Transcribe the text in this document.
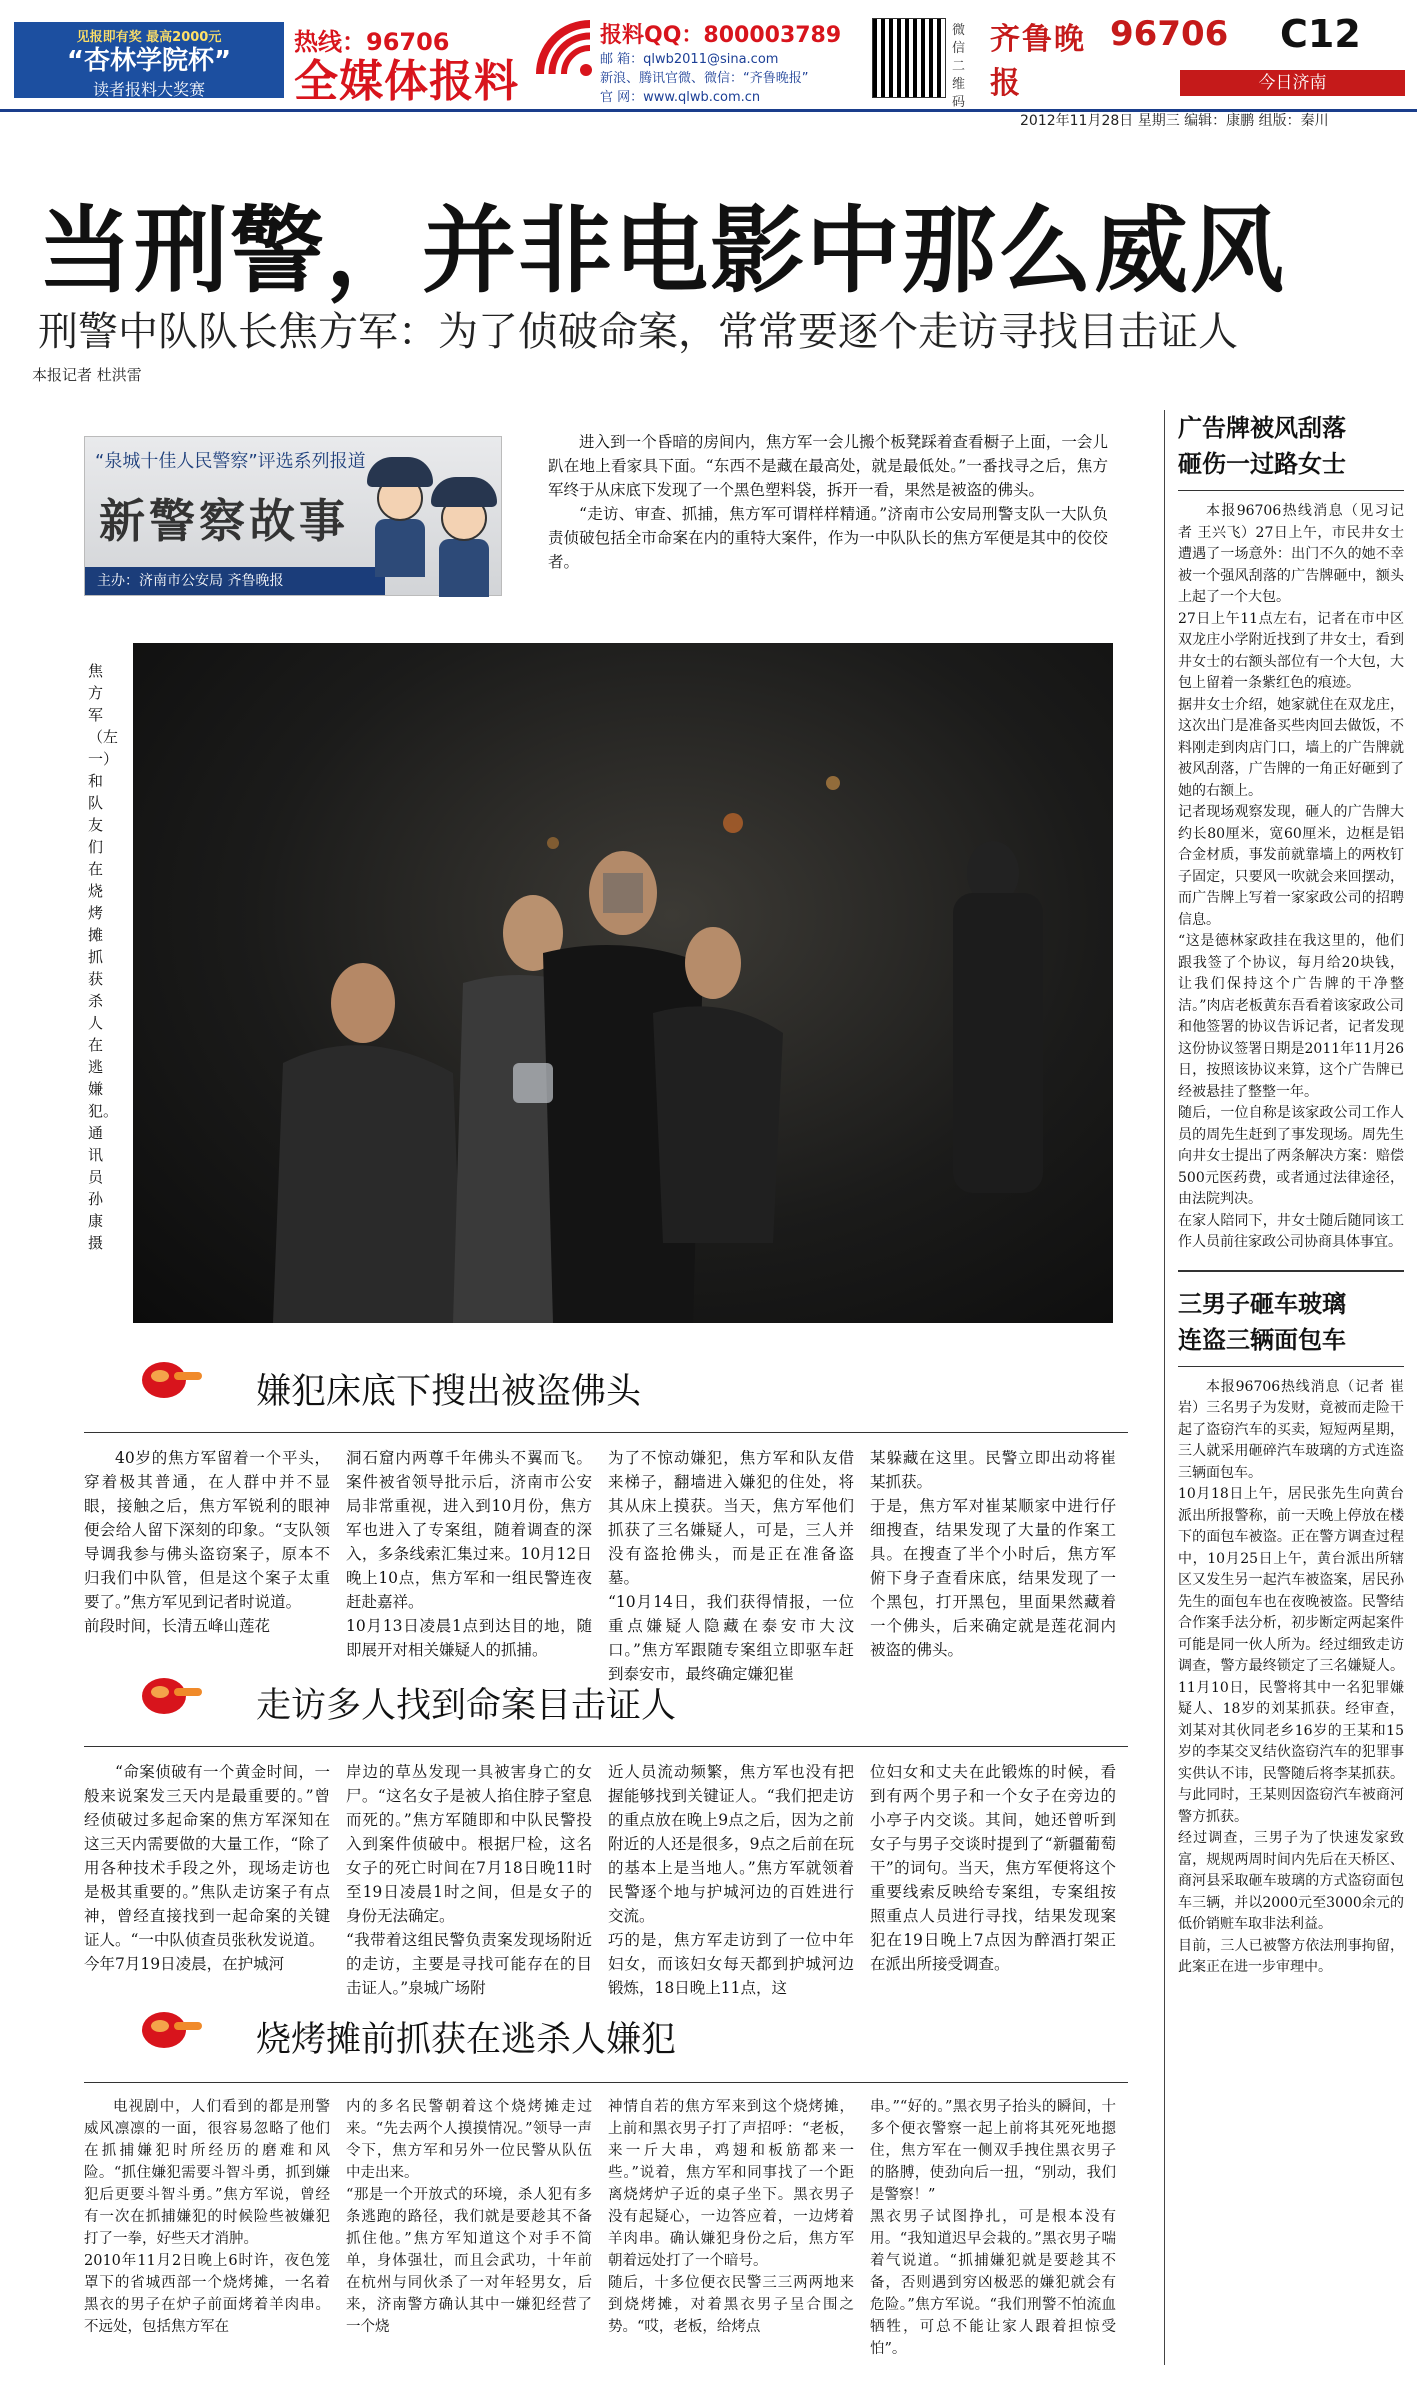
见报即有奖 最高2000元
“杏林学院杯”
读者报料大奖赛
热线：96706
全媒体报料
报料QQ：800003789
邮 箱：qlwb2011@sina.com
新浪、腾讯官微、微信：“齐鲁晚报”
官 网：www.qlwb.com.cn
微信二维码
齐鲁晚报
96706 C12
今日济南
2012年11月28日 星期三 编辑：康鹏 组版：秦川
当刑警，并非电影中那么威风
刑警中队队长焦方军：为了侦破命案，常常要逐个走访寻找目击证人
本报记者 杜洪雷
“泉城十佳人民警察”评选系列报道
新警察故事
主办：济南市公安局 齐鲁晚报

进入到一个昏暗的房间内，焦方军一会儿搬个板凳踩着查看橱子上面，一会儿趴在地上看家具下面。“东西不是藏在最高处，就是最低处。”一番找寻之后，焦方军终于从床底下发现了一个黑色塑料袋，拆开一看，果然是被盗的佛头。

“走访、审查、抓捕，焦方军可谓样样精通。”济南市公安局刑警支队一大队负责侦破包括全市命案在内的重特大案件，作为一中队队长的焦方军便是其中的佼佼者。

焦方军（左一）和队友们在烧烤摊抓获杀人在逃嫌犯。通讯员 孙康 摄
嫌犯床底下搜出被盗佛头

40岁的焦方军留着一个平头，穿着极其普通，在人群中并不显眼，接触之后，焦方军锐利的眼神便会给人留下深刻的印象。“支队领导调我参与佛头盗窃案子，原本不归我们中队管，但是这个案子太重要了。”焦方军见到记者时说道。
前段时间，长清五峰山莲花

洞石窟内两尊千年佛头不翼而飞。案件被省领导批示后，济南市公安局非常重视，进入到10月份，焦方军也进入了专案组，随着调查的深入，多条线索汇集过来。10月12日晚上10点，焦方军和一组民警连夜赶赴嘉祥。
10月13日凌晨1点到达目的地，随即展开对相关嫌疑人的抓捕。

为了不惊动嫌犯，焦方军和队友借来梯子，翻墙进入嫌犯的住处，将其从床上摸获。当天，焦方军他们抓获了三名嫌疑人，可是，三人并没有盗抢佛头，而是正在准备盗墓。
“10月14日，我们获得情报，一位重点嫌疑人隐藏在泰安市大汶口。”焦方军跟随专案组立即驱车赶到泰安市，最终确定嫌犯崔

某躲藏在这里。民警立即出动将崔某抓获。
于是，焦方军对崔某顺家中进行仔细搜查，结果发现了大量的作案工具。在搜查了半个小时后，焦方军俯下身子查看床底，结果发现了一个黑包，打开黑包，里面果然藏着一个佛头，后来确定就是莲花洞内被盗的佛头。

走访多人找到命案目击证人

“命案侦破有一个黄金时间，一般来说案发三天内是最重要的。”曾经侦破过多起命案的焦方军深知在这三天内需要做的大量工作，“除了用各种技术手段之外，现场走访也是极其重要的。”焦队走访案子有点神，曾经直接找到一起命案的关键证人。“一中队侦查员张秋发说道。
今年7月19日凌晨，在护城河

岸边的草丛发现一具被害身亡的女尸。“这名女子是被人掐住脖子窒息而死的。”焦方军随即和中队民警投入到案件侦破中。根据尸检，这名女子的死亡时间在7月18日晚11时至19日凌晨1时之间，但是女子的身份无法确定。
“我带着这组民警负责案发现场附近的走访，主要是寻找可能存在的目击证人。”泉城广场附

近人员流动频繁，焦方军也没有把握能够找到关键证人。“我们把走访的重点放在晚上9点之后，因为之前附近的人还是很多，9点之后前在玩的基本上是当地人。”焦方军就领着民警逐个地与护城河边的百姓进行交流。
巧的是，焦方军走访到了一位中年妇女，而该妇女每天都到护城河边锻炼，18日晚上11点，这

位妇女和丈夫在此锻炼的时候，看到有两个男子和一个女子在旁边的小亭子内交谈。其间，她还曾听到女子与男子交谈时提到了“新疆葡萄干”的词句。当天，焦方军便将这个重要线索反映给专案组，专案组按照重点人员进行寻找，结果发现案犯在19日晚上7点因为醉酒打架正在派出所接受调查。

烧烤摊前抓获在逃杀人嫌犯

电视剧中，人们看到的都是刑警威风凛凛的一面，很容易忽略了他们在抓捕嫌犯时所经历的磨难和风险。“抓住嫌犯需要斗智斗勇，抓到嫌犯后更要斗智斗勇。”焦方军说，曾经有一次在抓捕嫌犯的时候险些被嫌犯打了一拳，好些天才消肿。
2010年11月2日晚上6时许，夜色笼罩下的省城西部一个烧烤摊，一名着黑衣的男子在炉子前面烤着羊肉串。不远处，包括焦方军在

内的多名民警朝着这个烧烤摊走过来。“先去两个人摸摸情况。”领导一声令下，焦方军和另外一位民警从队伍中走出来。
“那是一个开放式的环境，杀人犯有多条逃跑的路径，我们就是要趁其不备抓住他。”焦方军知道这个对手不简单，身体强壮，而且会武功，十年前在杭州与同伙杀了一对年轻男女，后来，济南警方确认其中一嫌犯经营了一个烧

神情自若的焦方军来到这个烧烤摊，上前和黑衣男子打了声招呼：“老板，来一斤大串，鸡翅和板筋都来一些。”说着，焦方军和同事找了一个距离烧烤炉子近的桌子坐下。黑衣男子没有起疑心，一边答应着，一边烤着羊肉串。确认嫌犯身份之后，焦方军朝着远处打了一个暗号。
随后，十多位便衣民警三三两两地来到烧烤摊，对着黑衣男子呈合围之势。“哎，老板，给烤点

串。”“好的。”黑衣男子抬头的瞬间，十多个便衣警察一起上前将其死死地摁住，焦方军在一侧双手拽住黑衣男子的胳膊，使劲向后一扭，“别动，我们是警察！”
黑衣男子试图挣扎，可是根本没有用。“我知道迟早会栽的。”黑衣男子喘着气说道。“抓捕嫌犯就是要趁其不备，否则遇到穷凶极恶的嫌犯就会有危险。”焦方军说。“我们刑警不怕流血牺牲，可总不能让家人跟着担惊受怕”。

广告牌被风刮落
砸伤一过路女士

本报96706热线消息（见习记者 王兴飞）27日上午，市民井女士遭遇了一场意外：出门不久的她不幸被一个强风刮落的广告牌砸中，额头上起了一个大包。
27日上午11点左右，记者在市中区双龙庄小学附近找到了井女士，看到井女士的右额头部位有一个大包，大包上留着一条紫红色的痕迹。
据井女士介绍，她家就住在双龙庄，这次出门是准备买些肉回去做饭，不料刚走到肉店门口，墙上的广告牌就被风刮落，广告牌的一角正好砸到了她的右额上。
记者现场观察发现，砸人的广告牌大约长80厘米，宽60厘米，边框是铝合金材质，事发前就靠墙上的两枚钉子固定，只要风一吹就会来回摆动，而广告牌上写着一家家政公司的招聘信息。
“这是德林家政挂在我这里的，他们跟我签了个协议，每月给20块钱，让我们保持这个广告牌的干净整洁。”肉店老板黄东吾看着该家政公司和他签署的协议告诉记者，记者发现这份协议签署日期是2011年11月26日，按照该协议来算，这个广告牌已经被悬挂了整整一年。
随后，一位自称是该家政公司工作人员的周先生赶到了事发现场。周先生向井女士提出了两条解决方案：赔偿500元医药费，或者通过法律途径，由法院判决。
在家人陪同下，井女士随后随同该工作人员前往家政公司协商具体事宜。

三男子砸车玻璃
连盗三辆面包车

本报96706热线消息（记者 崔岩）三名男子为发财，竟被而走险干起了盗窃汽车的买卖，短短两星期，三人就采用砸碎汽车玻璃的方式连盗三辆面包车。
10月18日上午，居民张先生向黄台派出所报警称，前一天晚上停放在楼下的面包车被盗。正在警方调查过程中，10月25日上午，黄台派出所辖区又发生另一起汽车被盗案，居民孙先生的面包车也在夜晚被盗。民警结合作案手法分析，初步断定两起案件可能是同一伙人所为。经过细致走访调查，警方最终锁定了三名嫌疑人。11月10日，民警将其中一名犯罪嫌疑人、18岁的刘某抓获。经审查，刘某对其伙同老乡16岁的王某和15岁的李某交叉结伙盗窃汽车的犯罪事实供认不讳，民警随后将李某抓获。与此同时，王某则因盗窃汽车被商河警方抓获。
经过调查，三男子为了快速发家致富，规规两周时间内先后在天桥区、商河县采取砸车玻璃的方式盗窃面包车三辆，并以2000元至3000余元的低价销赃车取非法利益。
目前，三人已被警方依法刑事拘留，此案正在进一步审理中。
